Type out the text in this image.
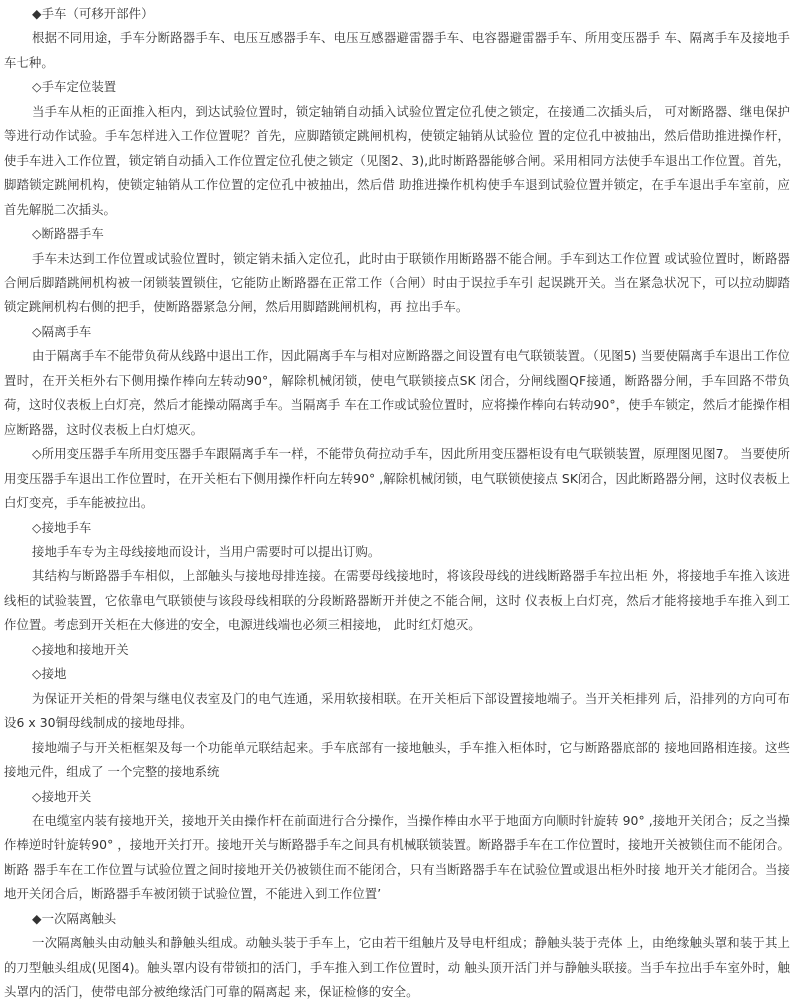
◆手车（可移开部件）

根据不同用途，手车分断路器手车、电压互感器手车、电压互感器避雷器手车、电容器避雷器手车、所用变压器手 车、隔离手车及接地手车七种。

◇手车定位装置

当手车从柜的正面推入柜内，到达试验位置时，锁定轴销自动插入试验位置定位孔使之锁定，在接通二次插头后， 可对断路器、继电保护等进行动作试验。手车怎样进入工作位置呢？首先，应脚踏锁定跳闸机构，使锁定轴销从试验位 置的定位孔中被抽出，然后借助推进操作杆，使手车进入工作位置，锁定销自动插入工作位置定位孔使之锁定（见图2、3),此时断路器能够合闸。采用相同方法使手车退出工作位置。首先，脚踏锁定跳闸机构，使锁定轴销从工作位置的定位孔中被抽出，然后借 助推进操作机构使手车退到试验位置并锁定，在手车退出手车室前，应首先解脱二次插头。

◇断路器手车

手车未达到工作位置或试验位置时，锁定销未插入定位孔，此时由于联锁作用断路器不能合闸。手车到达工作位置 或试验位置时，断路器合闸后脚踏跳闸机构被一闭锁装置锁住，它能防止断路器在正常工作（合闸）时由于误拉手车引 起误跳开关。当在紧急状况下，可以拉动脚踏锁定跳闸机构右侧的把手，使断路器紧急分闸，然后用脚踏跳闸机构，再 拉出手车。

◇隔离手车

由于隔离手车不能带负荷从线路中退出工作，因此隔离手车与相对应断路器之间设置有电气联锁装置。（见图5) 当要使隔离手车退出工作位置时，在开关柜外右下侧用操作棒向左转动90°，解除机械闭锁，使电气联锁接点SK 闭合，分闸线圈QF接通，断路器分闸，手车回路不带负荷，这时仪表板上白灯亮，然后才能操动隔离手车。当隔离手 车在工作或试验位置时，应将操作棒向右转动90°，使手车锁定，然后才能操作相应断路器，这时仪表板上白灯熄灭。

◇所用变压器手车所用变压器手车跟隔离手车一样，不能带负荷拉动手车，因此所用变压器柜设有电气联锁装置，原理图见图7。 当要使所用变压器手车退出工作位置时，在开关柜右下侧用操作杆向左转90° ,解除机械闭锁，电气联锁使接点 SK闭合，因此断路器分闸，这时仪表板上白灯变亮，手车能被拉出。

◇接地手车

接地手车专为主母线接地而设计，当用户需要时可以提出订购。

其结构与断路器手车相似，上部触头与接地母排连接。在需要母线接地时，将该段母线的进线断路器手车拉出柜 外，将接地手车推入该进线柜的试验装置，它依靠电气联锁使与该段母线相联的分段断路器断开并使之不能合闸，这时 仪表板上白灯亮，然后才能将接地手车推入到工作位置。考虑到开关柜在大修进的安全，电源进线端也必须三相接地， 此时红灯熄灭。

◇接地和接地开关

◇接地

为保证开关柜的骨架与继电仪表室及门的电气连通，采用软接相联。在开关柜后下部设置接地端子。当开关柜排列 后，沿排列的方向可布设6 x 30铜母线制成的接地母排。

接地端子与开关柜框架及每一个功能单元联结起来。手车底部有一接地触头，手车推入柜体时，它与断路器底部的 接地回路相连接。这些接地元件，组成了 一个完整的接地系统

◇接地开关

在电缆室内装有接地开关，接地开关由操作杆在前面进行合分操作，当操作棒由水平于地面方向顺时针旋转 90° ,接地开关闭合；反之当操作棒逆时针旋转90° ，接地开关打开。接地开关与断路器手车之间具有机械联锁装置。断路器手车在工作位置时，接地开关被锁住而不能闭合。断路 器手车在工作位置与试验位置之间时接地开关仍被锁住而不能闭合，只有当断路器手车在试验位置或退出柜外时接 地开关才能闭合。当接地开关闭合后，断路器手车被闭锁于试验位置，不能进入到工作位置’

◆一次隔离触头

一次隔离触头由动触头和静触头组成。动触头装于手车上，它由若干组触片及导电杆组成；静触头装于壳体 上，由绝缘触头罩和装于其上的刀型触头组成(见图4)。触头罩内设有带锁扣的活门，手车推入到工作位置时，动 触头顶开活门并与静触头联接。当手车拉出手车室外时，触头罩内的活门，使带电部分被绝缘活门可靠的隔离起 来，保证检修的安全。
